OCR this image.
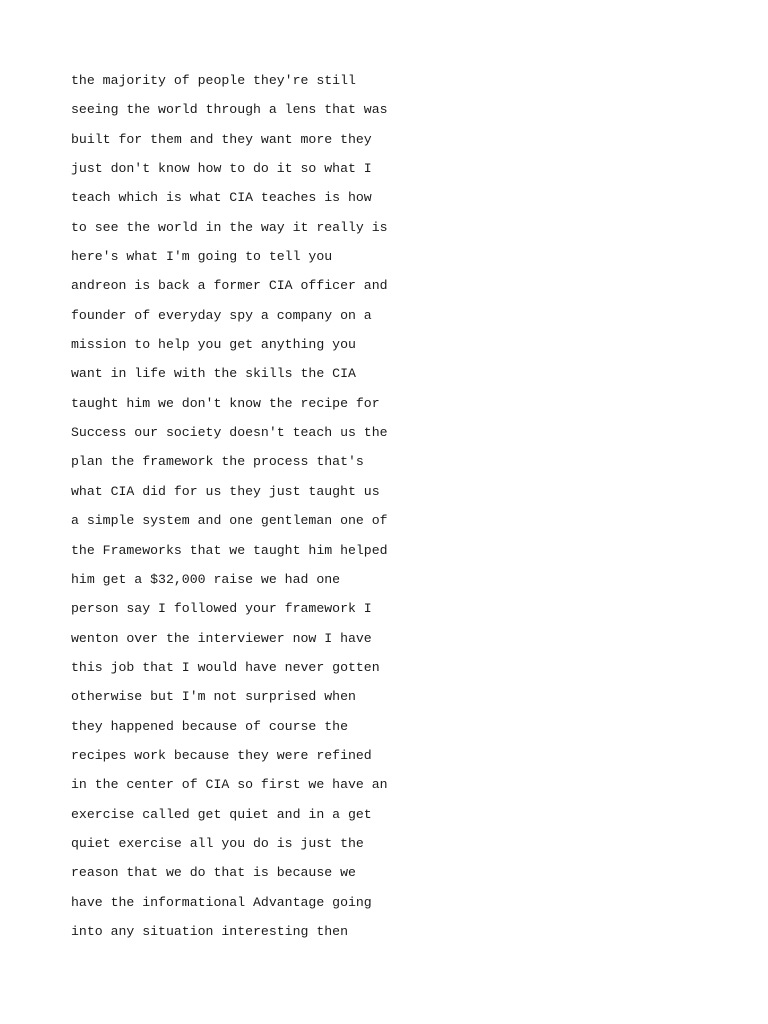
the majority of people they're still
seeing the world through a lens that was
built for them and they want more they
just don't know how to do it so what I
teach which is what CIA teaches is how
to see the world in the way it really is
here's what I'm going to tell you
andreon is back a former CIA officer and
founder of everyday spy a company on a
mission to help you get anything you
want in life with the skills the CIA
taught him we don't know the recipe for
Success our society doesn't teach us the
plan the framework the process that's
what CIA did for us they just taught us
a simple system and one gentleman one of
the Frameworks that we taught him helped
him get a $32,000 raise we had one
person say I followed your framework I
wenton over the interviewer now I have
this job that I would have never gotten
otherwise but I'm not surprised when
they happened because of course the
recipes work because they were refined
in the center of CIA so first we have an
exercise called get quiet and in a get
quiet exercise all you do is just the
reason that we do that is because we
have the informational Advantage going
into any situation interesting then
